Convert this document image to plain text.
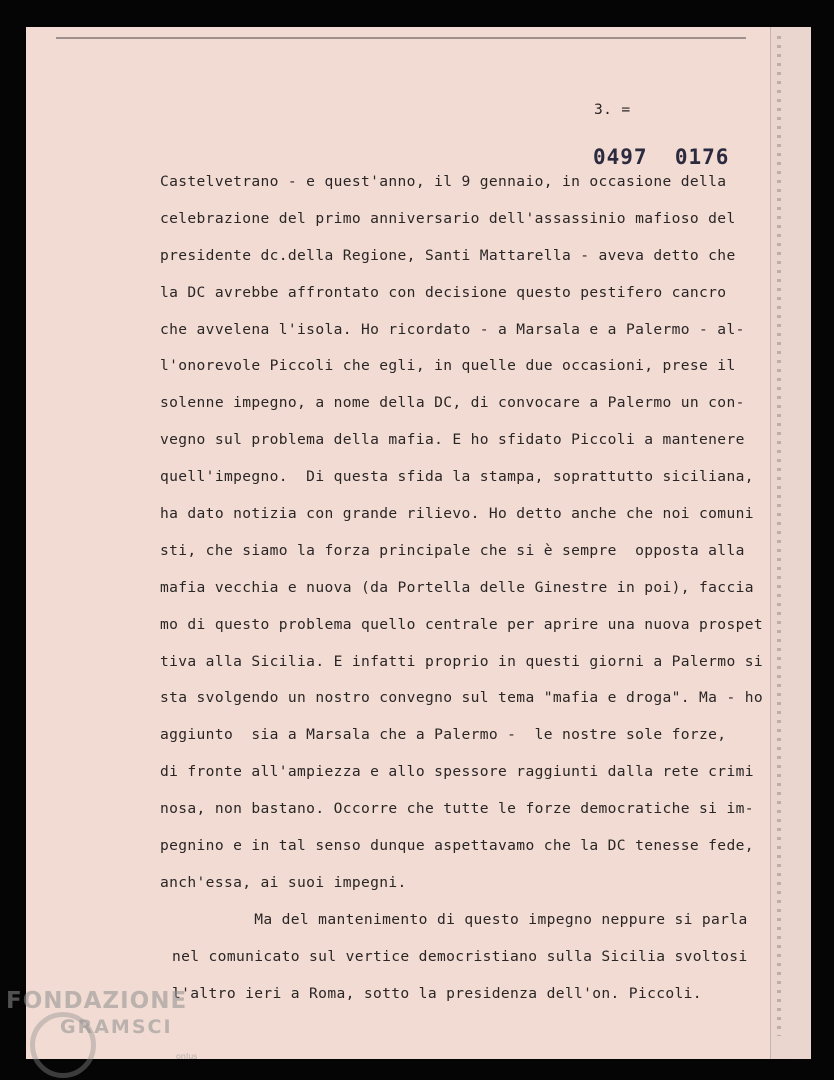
3. =
0497  0176
Castelvetrano - e quest'anno, il 9 gennaio, in occasione della
celebrazione del primo anniversario dell'assassinio mafioso del
presidente dc.della Regione, Santi Mattarella - aveva detto che
la DC avrebbe affrontato con decisione questo pestifero cancro
che avvelena l'isola. Ho ricordato - a Marsala e a Palermo - al-
l'onorevole Piccoli che egli, in quelle due occasioni, prese il
solenne impegno, a nome della DC, di convocare a Palermo un con-
vegno sul problema della mafia. E ho sfidato Piccoli a mantenere
quell'impegno.  Di questa sfida la stampa, soprattutto siciliana,
ha dato notizia con grande rilievo. Ho detto anche che noi comuni
sti, che siamo la forza principale che si è sempre  opposta alla
mafia vecchia e nuova (da Portella delle Ginestre in poi), faccia
mo di questo problema quello centrale per aprire una nuova prospet
tiva alla Sicilia. E infatti proprio in questi giorni a Palermo si
sta svolgendo un nostro convegno sul tema "mafia e droga". Ma - ho
aggiunto  sia a Marsala che a Palermo -  le nostre sole forze,
di fronte all'ampiezza e allo spessore raggiunti dalla rete crimi
nosa, non bastano. Occorre che tutte le forze democratiche si im-
pegnino e in tal senso dunque aspettavamo che la DC tenesse fede,
anch'essa, ai suoi impegni.
Ma del mantenimento di questo impegno neppure si parla
nel comunicato sul vertice democristiano sulla Sicilia svoltosi
l'altro ieri a Roma, sotto la presidenza dell'on. Piccoli.
FONDAZIONE
GRAMSCI
onlus
